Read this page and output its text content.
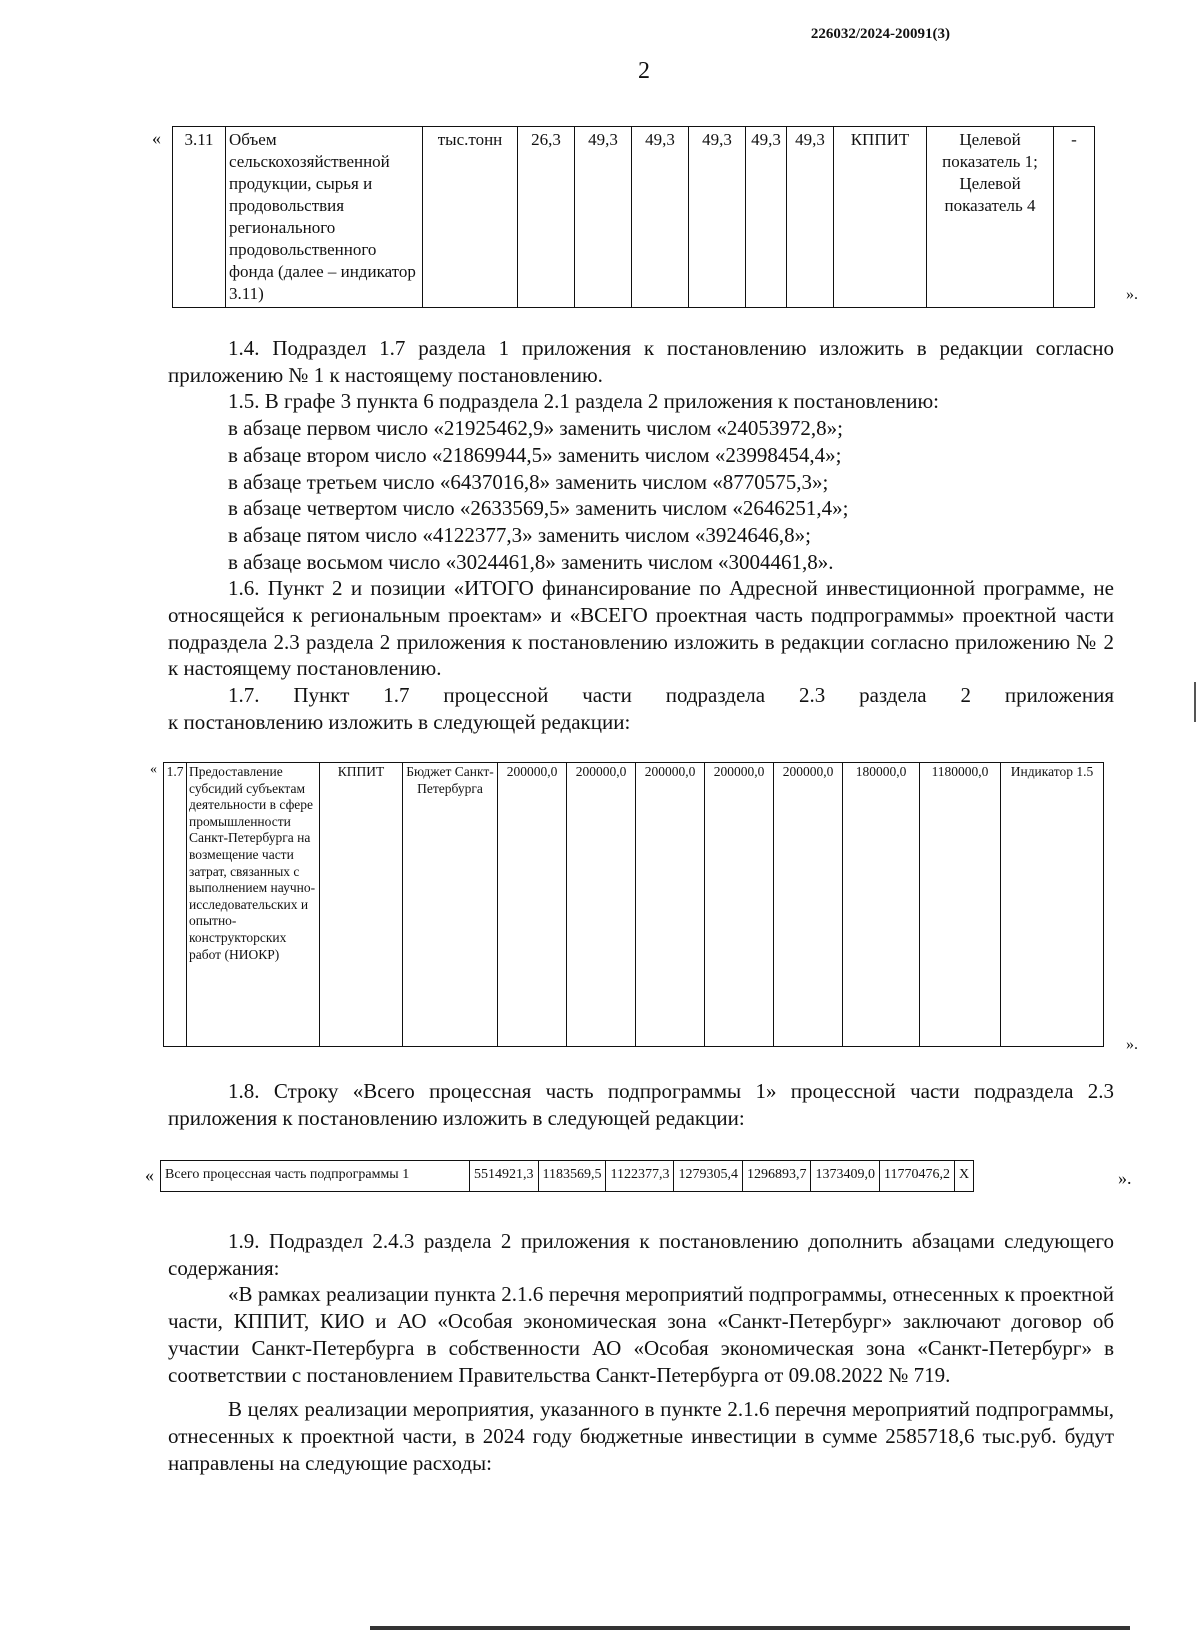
226032/2024-20091(3)
2
« 3.11	Объем сельскохозяйственной продукции, сырья и продовольствия регионального продовольственного фонда (далее – индикатор 3.11)	тыс.тонн	26,3	49,3	49,3	49,3	49,3	49,3	КППИТ	Целевой показатель 1; Целевой показатель 4	-
».

1.4. Подраздел 1.7 раздела 1 приложения к постановлению изложить в редакции согласно приложению № 1 к настоящему постановлению.

1.5. В графе 3 пункта 6 подраздела 2.1 раздела 2 приложения к постановлению:

в абзаце первом число «21925462,9» заменить числом «24053972,8»;

в абзаце втором число «21869944,5» заменить числом «23998454,4»;

в абзаце третьем число «6437016,8» заменить числом «8770575,3»;

в абзаце четвертом число «2633569,5» заменить числом «2646251,4»;

в абзаце пятом число «4122377,3» заменить числом «3924646,8»;

в абзаце восьмом число «3024461,8» заменить числом «3004461,8».

1.6. Пункт 2 и позиции «ИТОГО финансирование по Адресной инвестиционной программе, не относящейся к региональным проектам» и «ВСЕГО проектная часть подпрограммы» проектной части подраздела 2.3 раздела 2 приложения к постановлению изложить в редакции согласно приложению № 2 к настоящему постановлению.

1.7. Пункт 1.7 процессной части подраздела 2.3 раздела 2 приложения

к постановлению изложить в следующей редакции:

« 1.7	Предоставление субсидий субъектам деятельности в сфере промышленности Санкт-Петербурга на возмещение части затрат, связанных с выполнением научно-исследовательских и опытно-конструкторских работ (НИОКР)	КППИТ	Бюджет Санкт-Петербурга	200000,0	200000,0	200000,0	200000,0	200000,0	180000,0	1180000,0	Индикатор 1.5
».

1.8. Строку «Всего процессная часть подпрограммы 1» процессной части подраздела 2.3 приложения к постановлению изложить в следующей редакции:

« Всего процессная часть подпрограммы 1	5514921,3	1183569,5	1122377,3	1279305,4	1296893,7	1373409,0	11770476,2	Х	».

1.9. Подраздел 2.4.3 раздела 2 приложения к постановлению дополнить абзацами следующего содержания:

«В рамках реализации пункта 2.1.6 перечня мероприятий подпрограммы, отнесенных к проектной части, КППИТ, КИО и АО «Особая экономическая зона «Санкт-Петербург» заключают договор об участии Санкт-Петербурга в собственности АО «Особая экономическая зона «Санкт-Петербург» в соответствии с постановлением Правительства Санкт-Петербурга от 09.08.2022 № 719.

В целях реализации мероприятия, указанного в пункте 2.1.6 перечня мероприятий подпрограммы, отнесенных к проектной части, в 2024 году бюджетные инвестиции в сумме 2585718,6 тыс.руб. будут направлены на следующие расходы:
